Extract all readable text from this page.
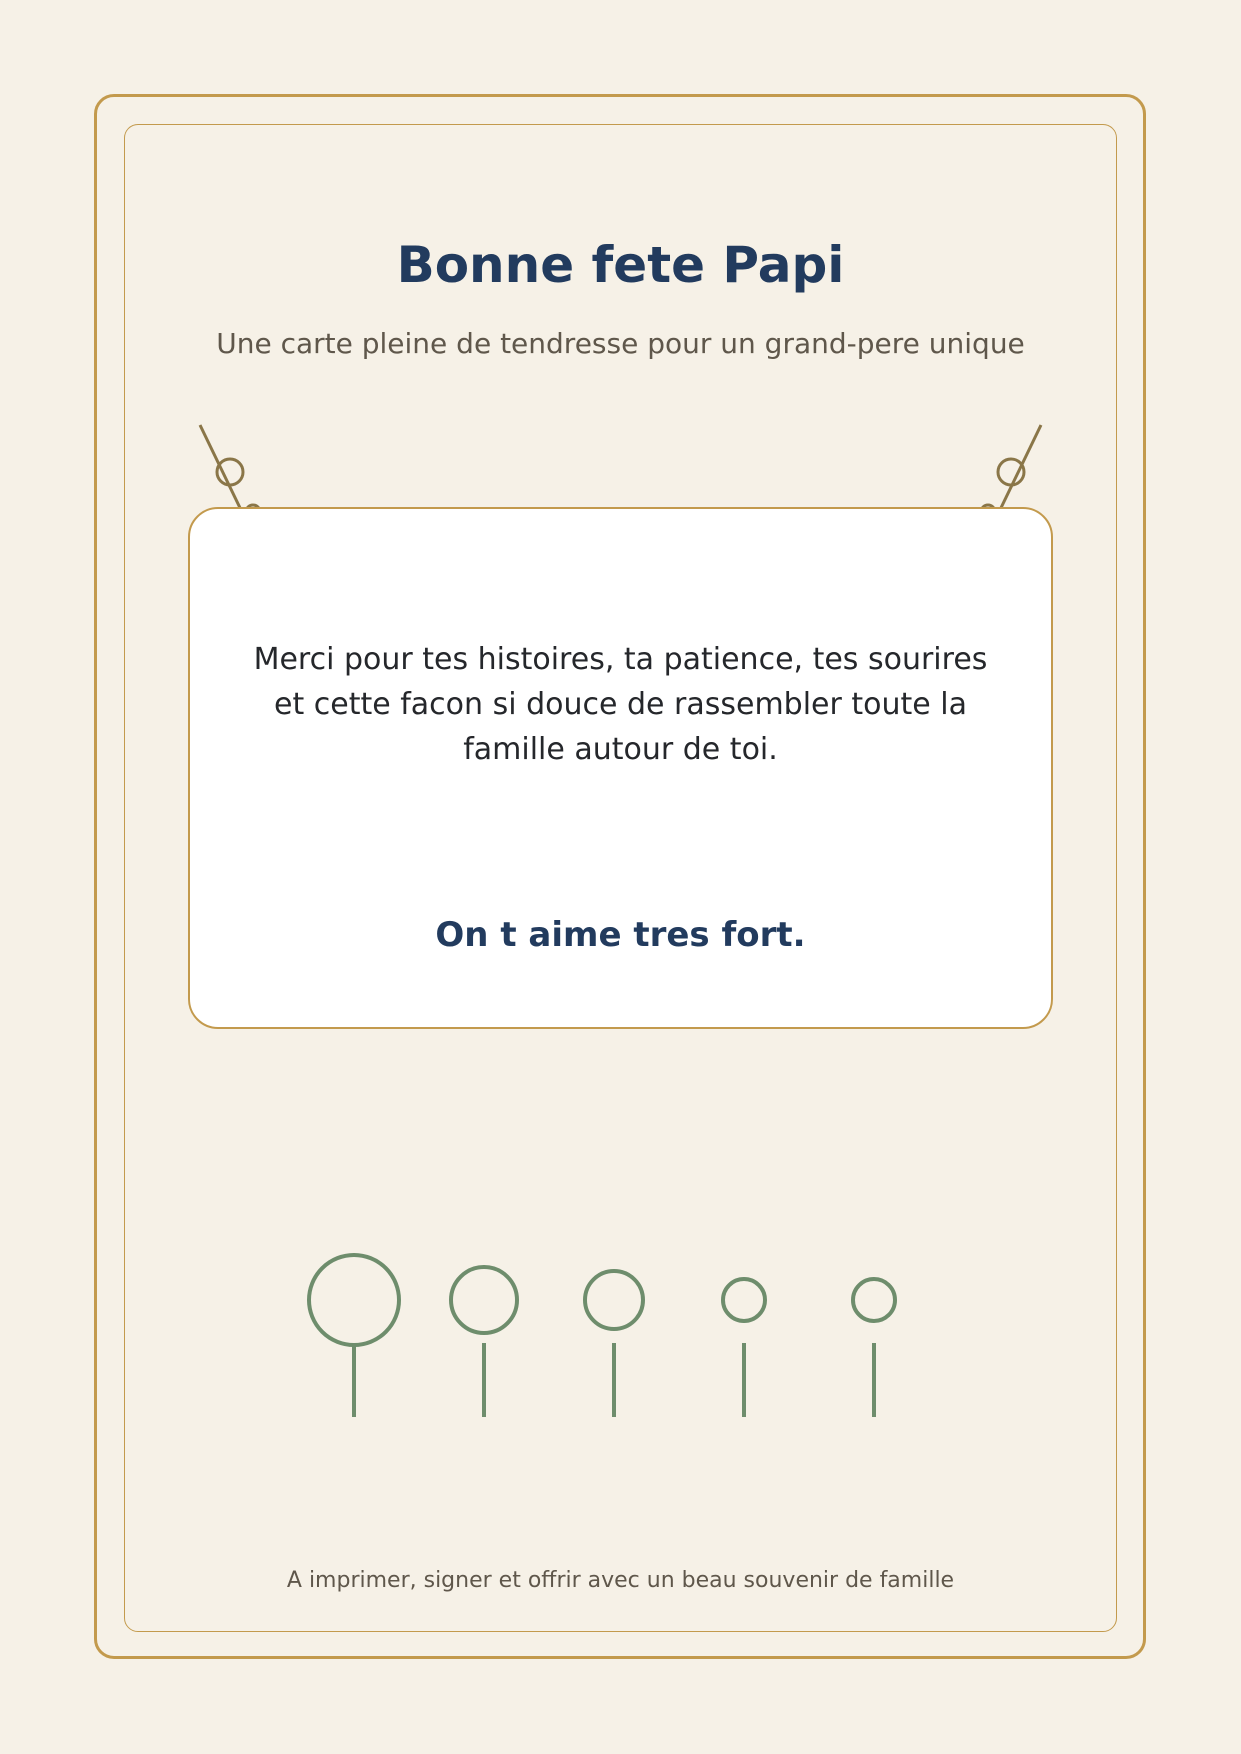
Bonne fete Papi

Une carte pleine de tendresse pour un grand-pere unique

Merci pour tes histoires, ta patience, tes sourires et cette facon si douce de rassembler toute la famille autour de toi.

On t aime tres fort.

A imprimer, signer et offrir avec un beau souvenir de famille
